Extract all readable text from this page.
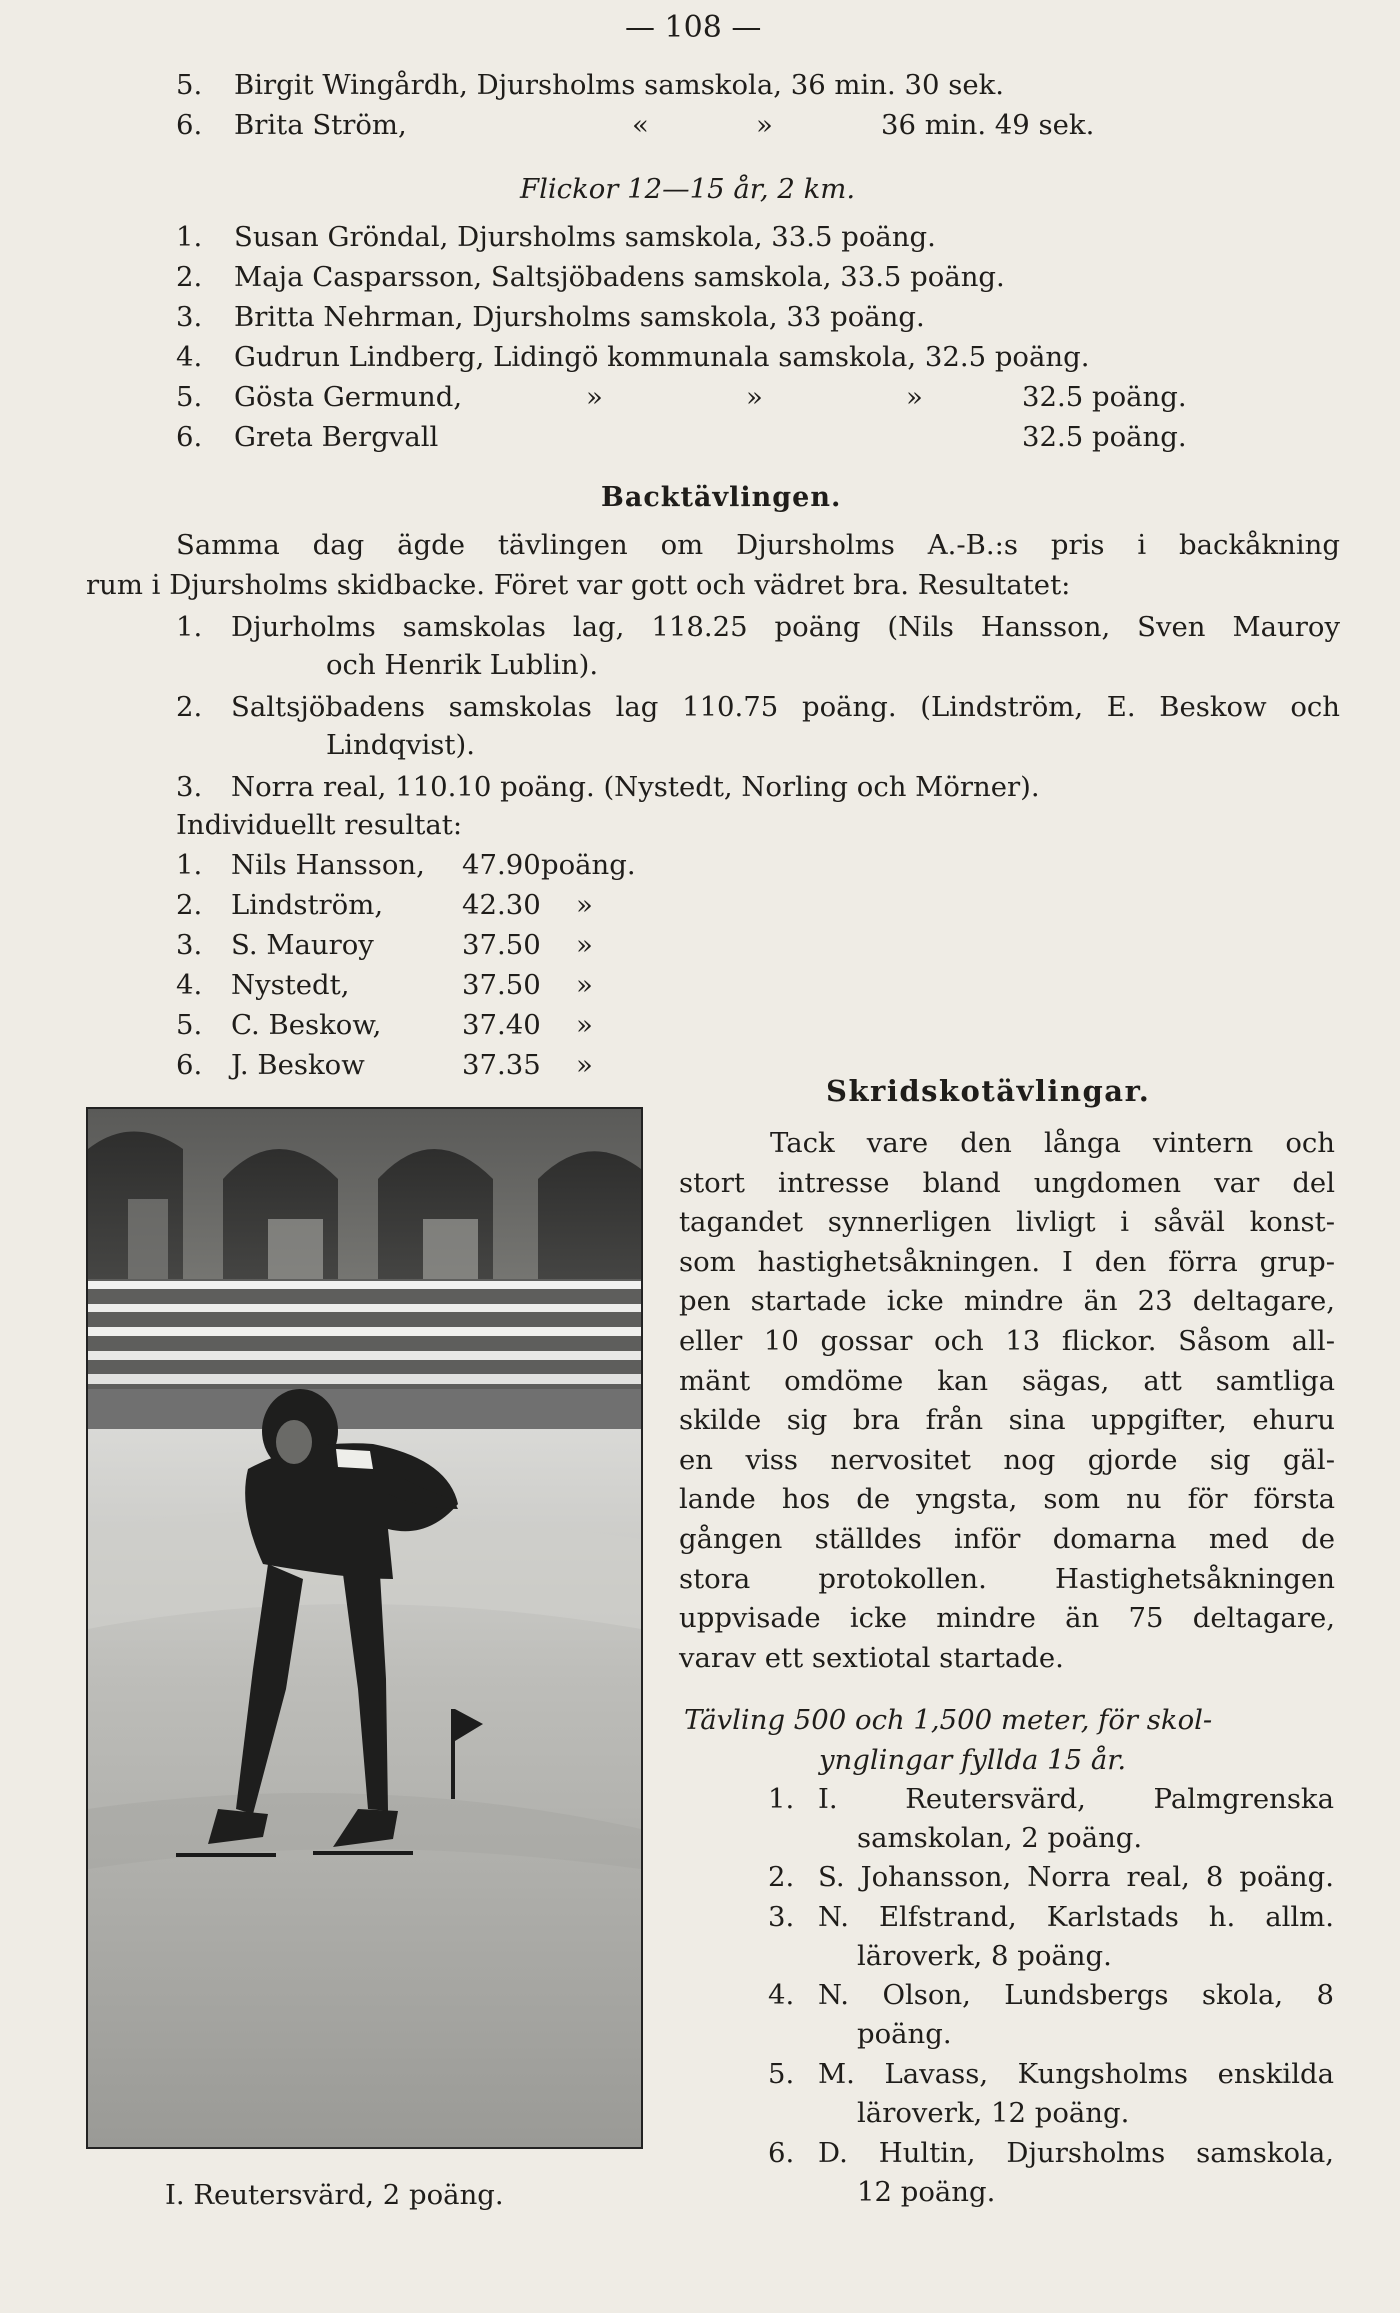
— 108 —
5. Birgit Wingårdh, Djursholms samskola, 36 min. 30 sek.
6. Brita Ström,	«	»	36 min. 49 sek.
Flickor 12—15 år, 2 km.
1. Susan Gröndal, Djursholms samskola, 33.5 poäng.
2. Maja Casparsson, Saltsjöbadens samskola, 33.5 poäng.
3. Britta Nehrman, Djursholms samskola, 33 poäng.
4. Gudrun Lindberg, Lidingö kommunala samskola, 32.5 poäng.
5. Gösta Germund,	»	»	»	32.5 poäng.
6. Greta Bergvall	32.5 poäng.
Backtävlingen.
Samma dag ägde tävlingen om Djursholms A.-B.:s pris i backåkning
rum i Djursholms skidbacke. Föret var gott och vädret bra. Resultatet:
1. Djurholms samskolas lag, 118.25 poäng (Nils Hansson, Sven Mauroy
och Henrik Lublin).
2. Saltsjöbadens samskolas lag 110.75 poäng. (Lindström, E. Beskow och
Lindqvist).
3. Norra real, 110.10 poäng. (Nystedt, Norling och Mörner).
Individuellt resultat:
1. Nils Hansson, 47.90 poäng.
2. Lindström,	42.30 »
3. S. Mauroy	37.50 »
4. Nystedt,	37.50 »
5. C. Beskow,	37.40 »
6. J. Beskow	37.35 »
I. Reutersvärd, 2 poäng.
Skridskotävlingar.
Tack vare den långa vintern och
stort intresse bland ungdomen var del
tagandet synnerligen livligt i såväl konst-
som hastighetsåkningen. I den förra grup-
pen startade icke mindre än 23 deltagare,
eller 10 gossar och 13 flickor. Såsom all-
mänt omdöme kan sägas, att samtliga
skilde sig bra från sina uppgifter, ehuru
en viss nervositet nog gjorde sig gäl-
lande hos de yngsta, som nu för första
gången ställdes inför domarna med de
stora protokollen. Hastighetsåkningen
uppvisade icke mindre än 75 deltagare,
varav ett sextiotal startade.
Tävling 500 och 1,500 meter, för skol-
ynglingar fyllda 15 år.
1. I. Reutersvärd, Palmgrenska
samskolan, 2 poäng.
2. S. Johansson, Norra real, 8 poäng.
3. N. Elfstrand, Karlstads h. allm.
läroverk, 8 poäng.
4. N. Olson, Lundsbergs skola, 8
poäng.
5. M. Lavass, Kungsholms enskilda
läroverk, 12 poäng.
6. D. Hultin, Djursholms samskola,
12 poäng.
